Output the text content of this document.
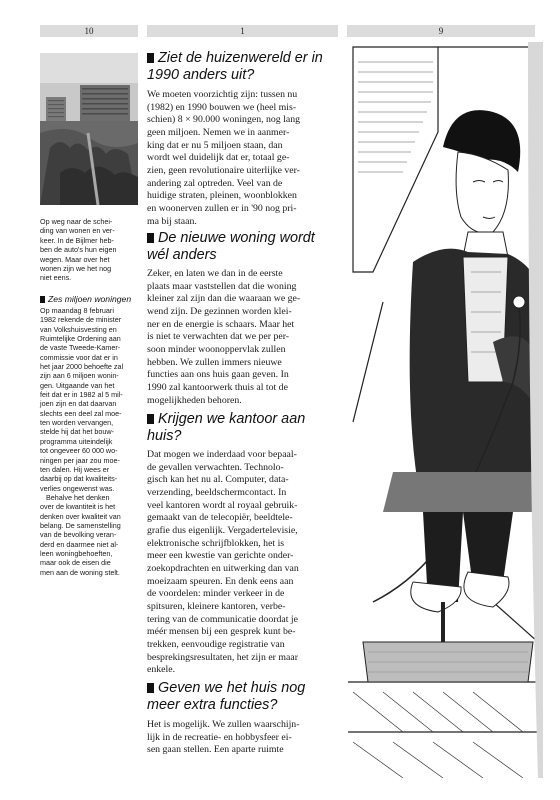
10	1	9
Op weg naar de schei-
ding van wonen en ver-
keer. In de Bijlmer heb-
ben de auto's hun eigen
wegen. Maar over het
wonen zijn we het nog
niet eens.
Zes miljoen woningen

Op maandag 8 februari

1982 rekende de minister

van Volkshuisvesting en

Ruimtelijke Ordening aan

de vaste Tweede-Kamer-

commissie voor dat er in

het jaar 2000 behoefte zal

zijn aan 6 miljoen wonin-

gen. Uitgaande van het

feit dat er in 1982 al 5 mil-

joen zijn en dat daarvan

slechts een deel zal moe-

ten worden vervangen,

stelde hij dat het bouw-

programma uiteindelijk

tot ongeveer 60 000 wo-

ningen per jaar zou moe-

ten dalen. Hij wees er

daarbij op dat kwaliteits-

verlies ongewenst was.

Behalve het denken

over de kwantiteit is het

denken over kwaliteit van

belang. De samenstelling

van de bevolking veran-

derd en daarmee niet al-

leen woningbehoeften,

maar ook de eisen die

men aan de woning stelt.

Ziet de huizenwereld er in
1990 anders uit?
We moeten voorzichtig zijn: tussen nu
(1982) en 1990 bouwen we (heel mis-
schien) 8 × 90.000 woningen, nog lang
geen miljoen. Nemen we in aanmer-
king dat er nu 5 miljoen staan, dan
wordt wel duidelijk dat er, totaal ge-
zien, geen revolutionaire uiterlijke ver-
andering zal optreden. Veel van de
huidige straten, pleinen, woonblokken
en woonerven zullen er in '90 nog pri-
ma bij staan.
De nieuwe woning wordt
wél anders
Zeker, en laten we dan in de eerste
plaats maar vaststellen dat die woning
kleiner zal zijn dan die waaraan we ge-
wend zijn. De gezinnen worden klei-
ner en de energie is schaars. Maar het
is niet te verwachten dat we per per-
soon minder woonoppervlak zullen
hebben. We zullen immers nieuwe
functies aan ons huis gaan geven. In
1990 zal kantoorwerk thuis al tot de
mogelijkheden behoren.
Krijgen we kantoor aan
huis?
Dat mogen we inderdaad voor bepaal-
de gevallen verwachten. Technolo-
gisch kan het nu al. Computer, data-
verzending, beeldschermcontact. In
veel kantoren wordt al royaal gebruik-
gemaakt van de telecopiër, beeldtele-
grafie dus eigenlijk. Vergadertelevisie,
elektronische schrijfblokken, het is
meer een kwestie van gerichte onder-
zoekopdrachten en uitwerking dan van
moeizaam speuren. En denk eens aan
de voordelen: minder verkeer in de
spitsuren, kleinere kantoren, verbe-
tering van de communicatie doordat je
méér mensen bij een gesprek kunt be-
trekken, eenvoudige registratie van
besprekingsresultaten, het zijn er maar
enkele.
Geven we het huis nog
meer extra functies?
Het is mogelijk. We zullen waarschijn-
lijk in de recreatie- en hobbysfeer ei-
sen gaan stellen. Een aparte ruimte
